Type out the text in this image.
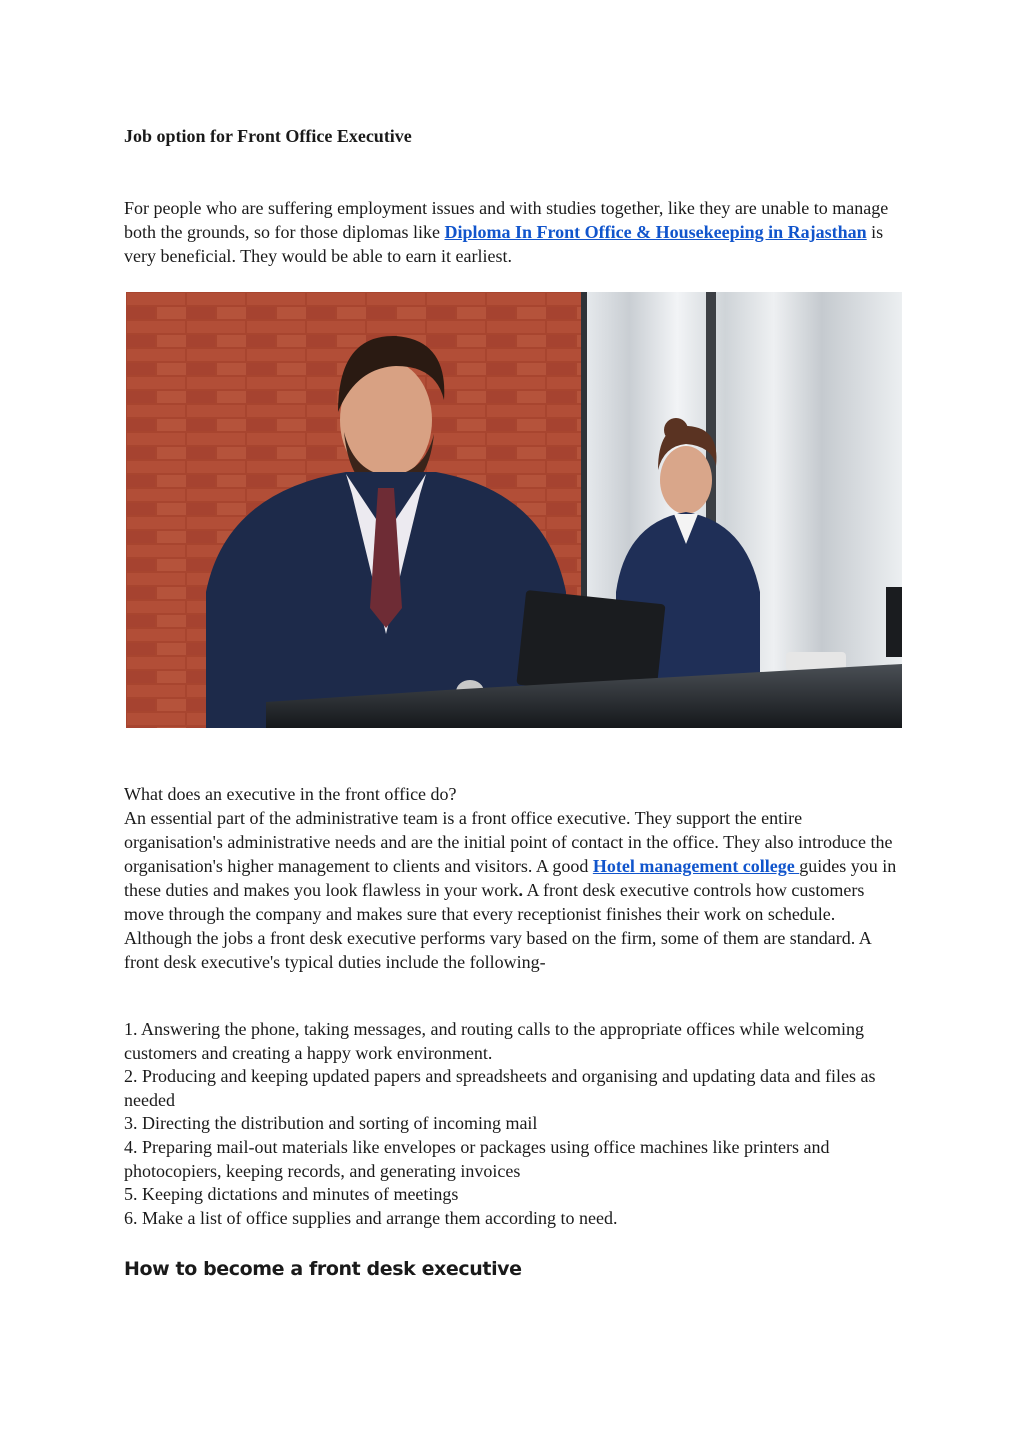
Job option for Front Office Executive

For people who are suffering employment issues and with studies together, like they are unable to manage both the grounds, so for those diplomas like Diploma In Front Office & Housekeeping in Rajasthan is very beneficial. They would be able to earn it earliest.

What does an executive in the front office do?

An essential part of the administrative team is a front office executive. They support the entire organisation's administrative needs and are the initial point of contact in the office. They also introduce the organisation's higher management to clients and visitors. A good Hotel management college guides you in these duties and makes you look flawless in your work. A front desk executive controls how customers move through the company and makes sure that every receptionist finishes their work on schedule. Although the jobs a front desk executive performs vary based on the firm, some of them are standard. A front desk executive's typical duties include the following-

1. Answering the phone, taking messages, and routing calls to the appropriate offices while welcoming customers and creating a happy work environment.

2. Producing and keeping updated papers and spreadsheets and organising and updating data and files as needed

3. Directing the distribution and sorting of incoming mail

4. Preparing mail-out materials like envelopes or packages using office machines like printers and photocopiers, keeping records, and generating invoices

5. Keeping dictations and minutes of meetings

6. Make a list of office supplies and arrange them according to need.

How to become a front desk executive
